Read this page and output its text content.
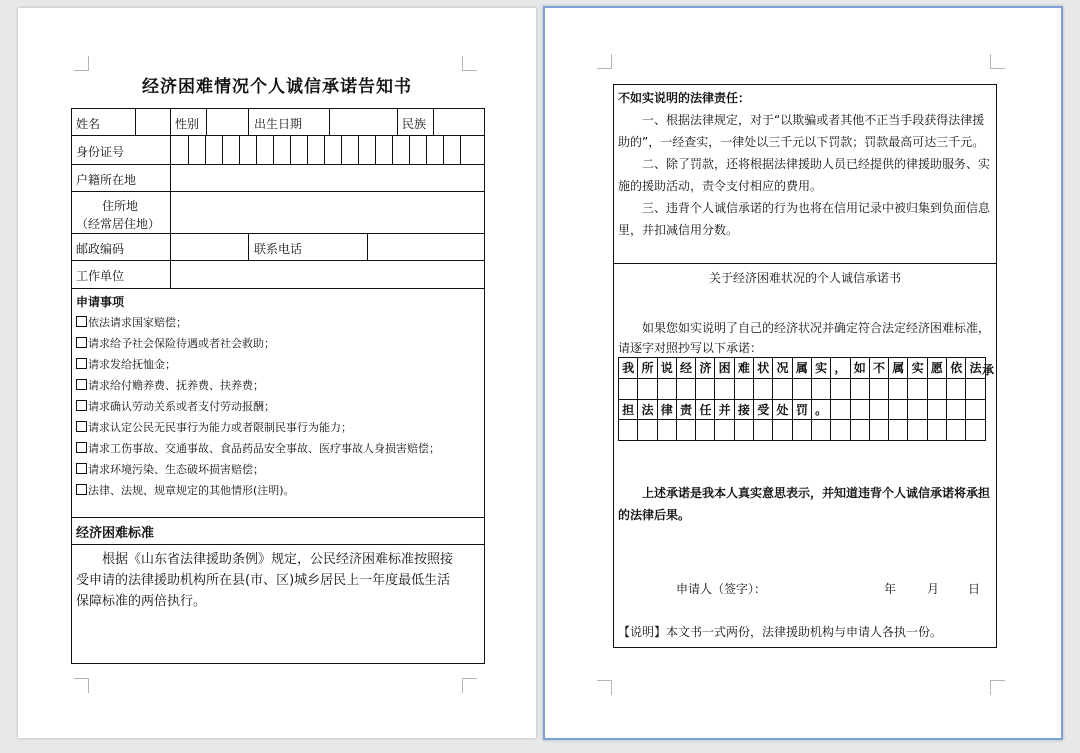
经济困难情况个人诚信承诺告知书
姓名	性别	出生日期	民族
身份证号
户籍所在地
住所地
（经常居住地）
邮政编码	联系电话
工作单位
申请事项
依法请求国家赔偿；
请求给予社会保险待遇或者社会救助；
请求发给抚恤金；
请求给付赡养费、抚养费、扶养费；
请求确认劳动关系或者支付劳动报酬；
请求认定公民无民事行为能力或者限制民事行为能力；
请求工伤事故、交通事故、食品药品安全事故、医疗事故人身损害赔偿；
请求环境污染、生态破坏损害赔偿；
法律、法规、规章规定的其他情形(注明)。
经济困难标准
根据《山东省法律援助条例》规定，公民经济困难标准按照接
受申请的法律援助机构所在县(市、区)城乡居民上一年度最低生活
保障标准的两倍执行。
不如实说明的法律责任：
一、根据法律规定，对于“以欺骗或者其他不正当手段获得法律援
助的”，一经查实，一律处以三千元以下罚款；罚款最高可达三千元。
二、除了罚款，还将根据法律援助人员已经提供的律援助服务、实
施的援助活动，责令支付相应的费用。
三、违背个人诚信承诺的行为也将在信用记录中被归集到负面信息
里，并扣减信用分数。
关于经济困难状况的个人诚信承诺书
如果您如实说明了自己的经济状况并确定符合法定经济困难标准，
请逐字对照抄写以下承诺：
我 所 说 经 济 困 难 状 况 属 实 ， 如 不 属 实 愿 依 法
担 法 律 责 任 并 接 受 处 罚 。
上述承诺是我本人真实意思表示，并知道违背个人诚信承诺将承担
的法律后果。
申请人（签字）：	年	月 日
【说明】本文书一式两份，法律援助机构与申请人各执一份。
承
